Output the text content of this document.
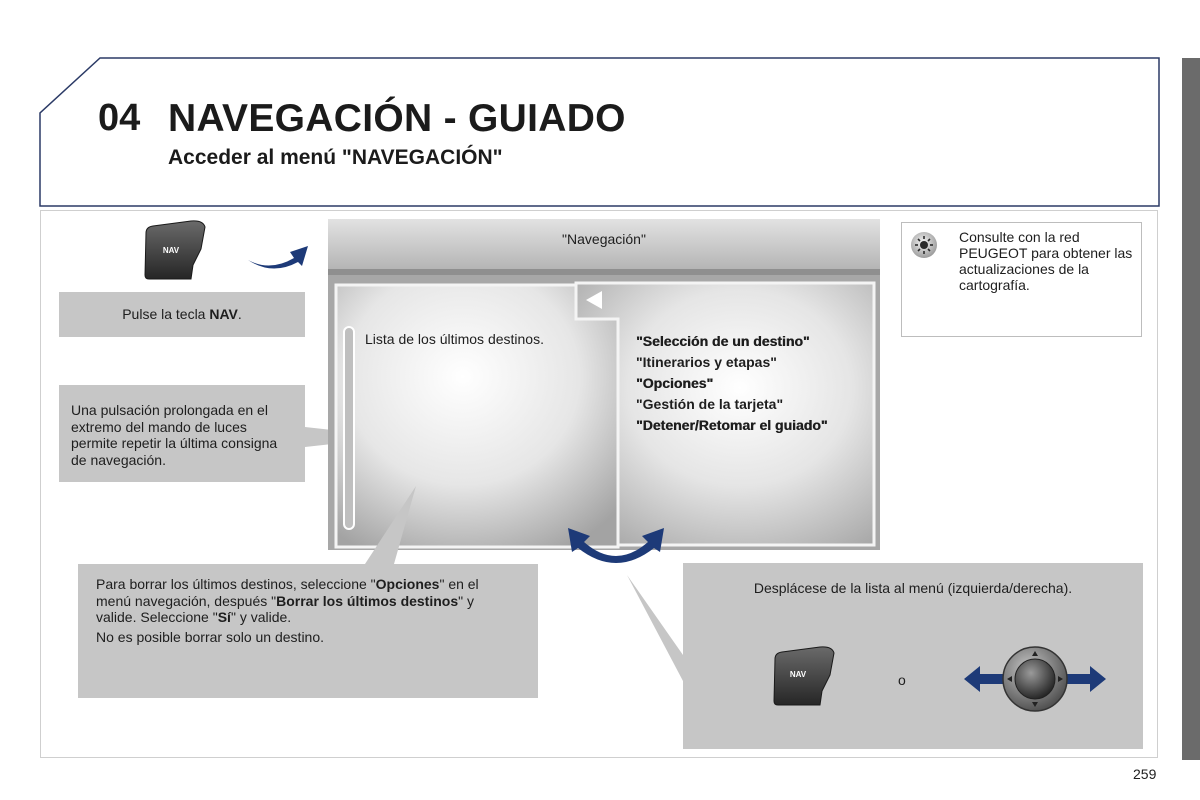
04 NAVEGACIÓN - GUIADO
Acceder al menú "NAVEGACIÓN"
NAV
Pulse la tecla NAV.
Una pulsación prolongada en el extremo del mando de luces permite repetir la última consigna de navegación.
"Navegación"
Lista de los últimos destinos.	"Selección de un destino"
"Itinerarios y etapas"
"Opciones"
"Gestión de la tarjeta"
"Detener/Retomar el guiado"
Para borrar los últimos destinos, seleccione "Opciones" en el menú navegación, después "Borrar los últimos destinos" y valide. Seleccione "Sí" y valide.
No es posible borrar solo un destino.
Desplácese de la lista al menú (izquierda/derecha).
NAV	o
Consulte con la red PEUGEOT para obtener las actualizaciones de la cartografía.
259
